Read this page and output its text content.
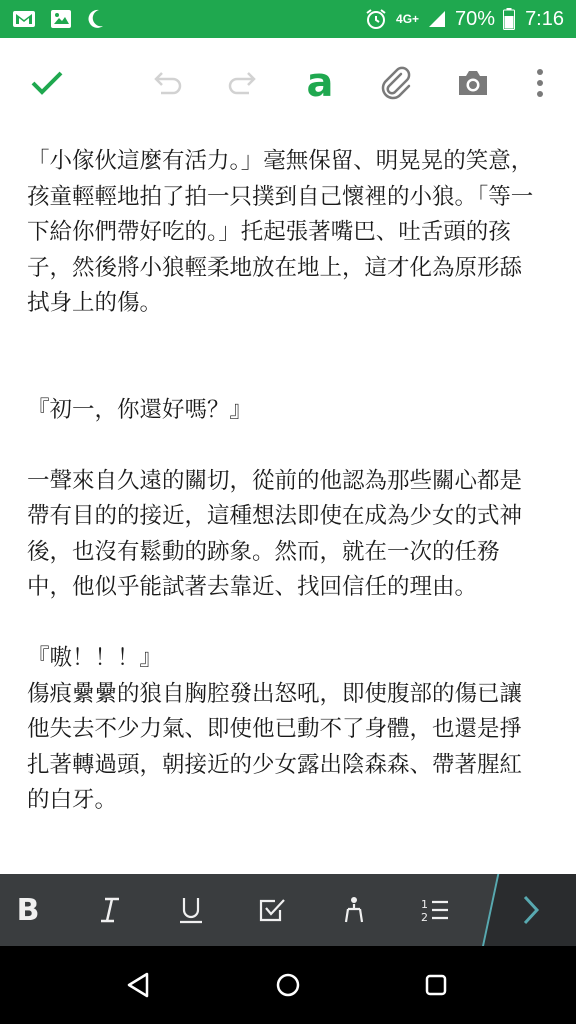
4G+ 70% 7:16
a
「小傢伙這麼有活力。」毫無保留、明晃晃的笑意，孩童輕輕地拍了拍一只撲到自己懷裡的小狼。「等一下給你們帶好吃的。」托起張著嘴巴、吐舌頭的孩子，然後將小狼輕柔地放在地上，這才化為原形舔拭身上的傷。
『初一，你還好嗎？』
一聲來自久遠的關切，從前的他認為那些關心都是帶有目的的接近，這種想法即使在成為少女的式神後，也沒有鬆動的跡象。然而，就在一次的任務中，他似乎能試著去靠近、找回信任的理由。
『嗷！！！』
傷痕纍纍的狼自胸腔發出怒吼，即使腹部的傷已讓他失去不少力氣、即使他已動不了身體，也還是掙扎著轉過頭，朝接近的少女露出陰森森、帶著腥紅的白牙。
B	1
2
